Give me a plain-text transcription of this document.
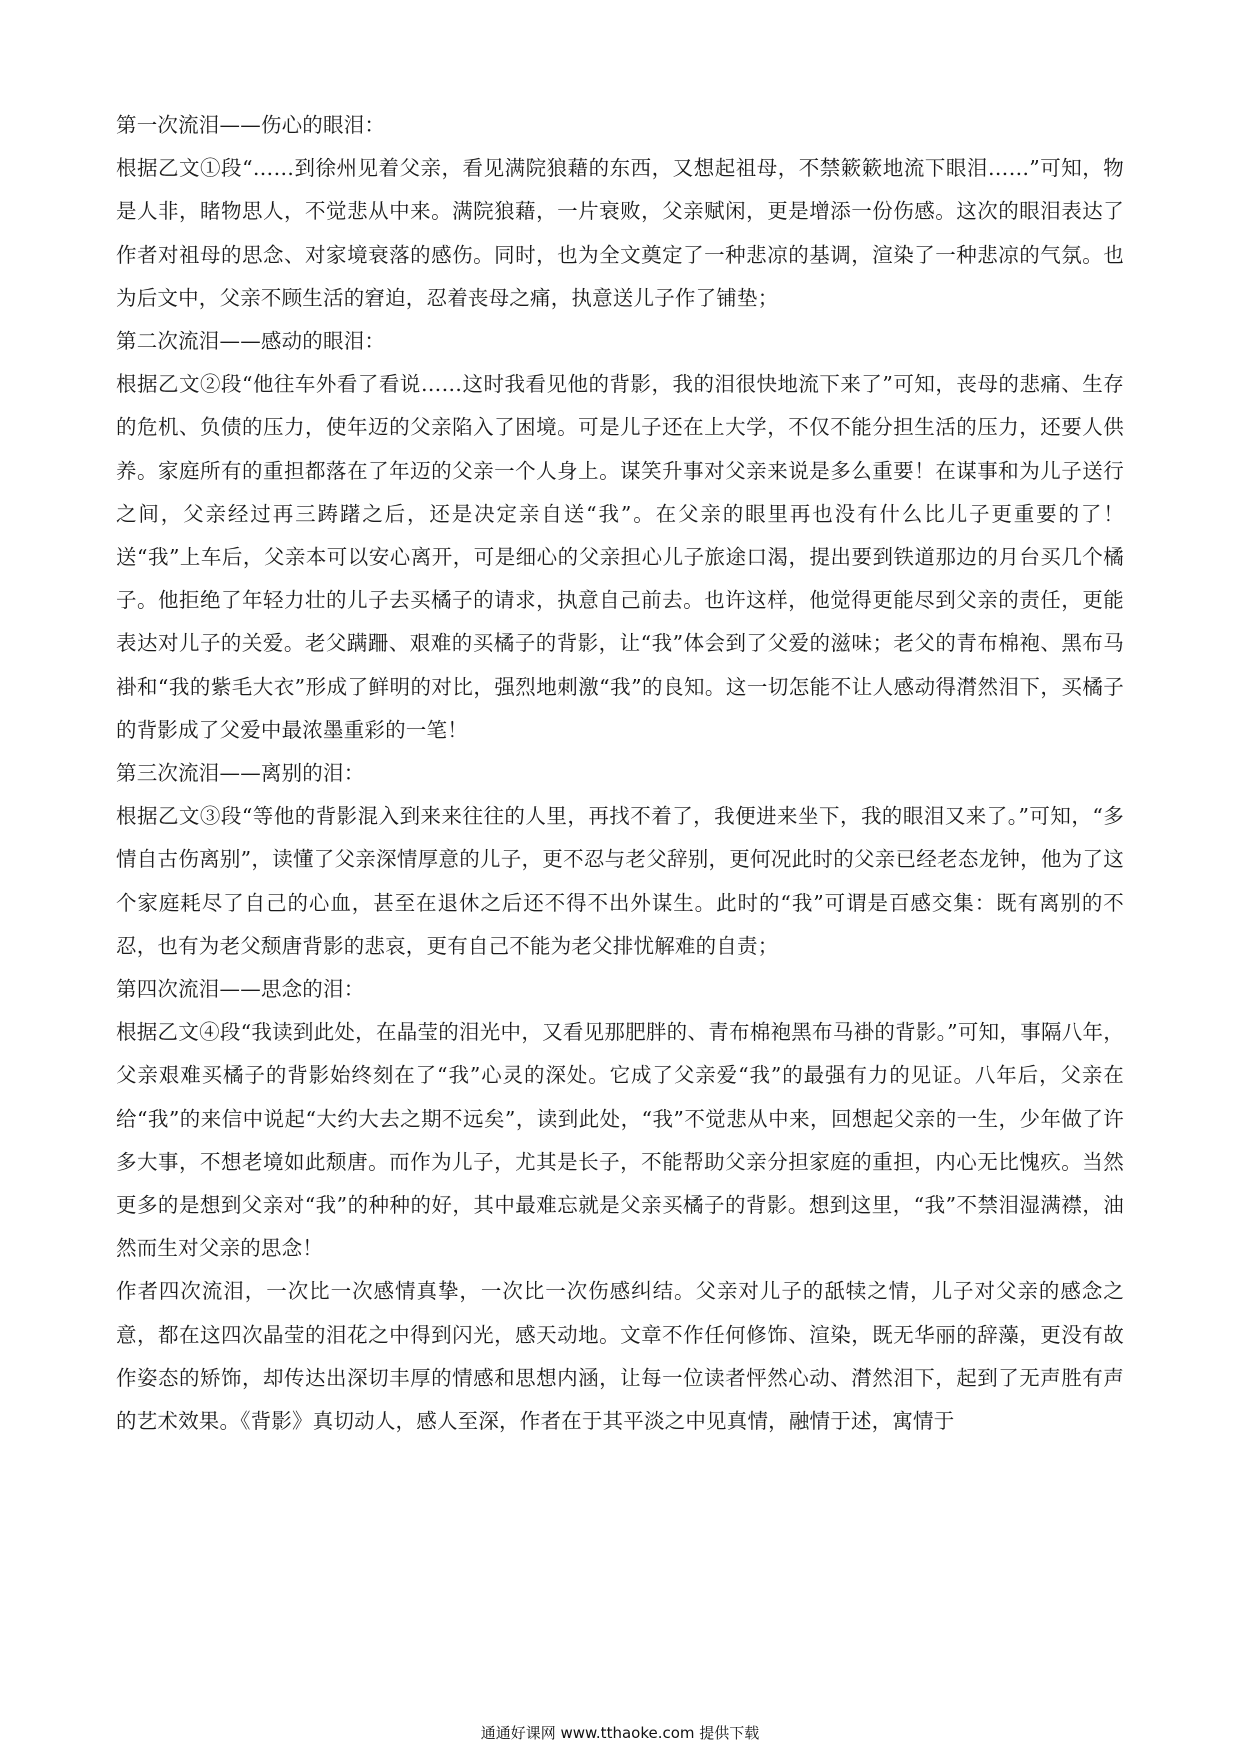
第一次流泪——伤心的眼泪：

根据乙文①段“……到徐州见着父亲，看见满院狼藉的东西，又想起祖母，不禁簌簌地流下眼泪……”可知，物是人非，睹物思人，不觉悲从中来。满院狼藉，一片衰败，父亲赋闲，更是增添一份伤感。这次的眼泪表达了作者对祖母的思念、对家境衰落的感伤。同时，也为全文奠定了一种悲凉的基调，渲染了一种悲凉的气氛。也为后文中，父亲不顾生活的窘迫，忍着丧母之痛，执意送儿子作了铺垫；

第二次流泪——感动的眼泪：

根据乙文②段“他往车外看了看说……这时我看见他的背影，我的泪很快地流下来了”可知，丧母的悲痛、生存的危机、负债的压力，使年迈的父亲陷入了困境。可是儿子还在上大学，不仅不能分担生活的压力，还要人供养。家庭所有的重担都落在了年迈的父亲一个人身上。谋笑升事对父亲来说是多么重要！在谋事和为儿子送行之间，父亲经过再三踌躇之后，还是决定亲自送“我”。在父亲的眼里再也没有什么比儿子更重要的了！送“我”上车后，父亲本可以安心离开，可是细心的父亲担心儿子旅途口渴，提出要到铁道那边的月台买几个橘子。他拒绝了年轻力壮的儿子去买橘子的请求，执意自己前去。也许这样，他觉得更能尽到父亲的责任，更能表达对儿子的关爱。老父蹒跚、艰难的买橘子的背影，让“我”体会到了父爱的滋味；老父的青布棉袍、黑布马褂和“我的紫毛大衣”形成了鲜明的对比，强烈地刺激“我”的良知。这一切怎能不让人感动得潸然泪下，买橘子的背影成了父爱中最浓墨重彩的一笔！

第三次流泪——离别的泪：

根据乙文③段“等他的背影混入到来来往往的人里，再找不着了，我便进来坐下，我的眼泪又来了。”可知，“多情自古伤离别”，读懂了父亲深情厚意的儿子，更不忍与老父辞别，更何况此时的父亲已经老态龙钟，他为了这个家庭耗尽了自己的心血，甚至在退休之后还不得不出外谋生。此时的“我”可谓是百感交集：既有离别的不忍，也有为老父颓唐背影的悲哀，更有自己不能为老父排忧解难的自责；

第四次流泪——思念的泪：

根据乙文④段“我读到此处，在晶莹的泪光中，又看见那肥胖的、青布棉袍黑布马褂的背影。”可知，事隔八年，父亲艰难买橘子的背影始终刻在了“我”心灵的深处。它成了父亲爱“我”的最强有力的见证。八年后，父亲在给“我”的来信中说起“大约大去之期不远矣”，读到此处，“我”不觉悲从中来，回想起父亲的一生，少年做了许多大事，不想老境如此颓唐。而作为儿子，尤其是长子，不能帮助父亲分担家庭的重担，内心无比愧疚。当然更多的是想到父亲对“我”的种种的好，其中最难忘就是父亲买橘子的背影。想到这里，“我”不禁泪湿满襟，油然而生对父亲的思念！

作者四次流泪，一次比一次感情真挚，一次比一次伤感纠结。父亲对儿子的舐犊之情，儿子对父亲的感念之意，都在这四次晶莹的泪花之中得到闪光，感天动地。文章不作任何修饰、渲染，既无华丽的辞藻，更没有故作姿态的矫饰，却传达出深切丰厚的情感和思想内涵，让每一位读者怦然心动、潸然泪下，起到了无声胜有声的艺术效果。《背影》真切动人，感人至深，作者在于其平淡之中见真情，融情于述，寓情于

通通好课网 www.tthaoke.com 提供下载
